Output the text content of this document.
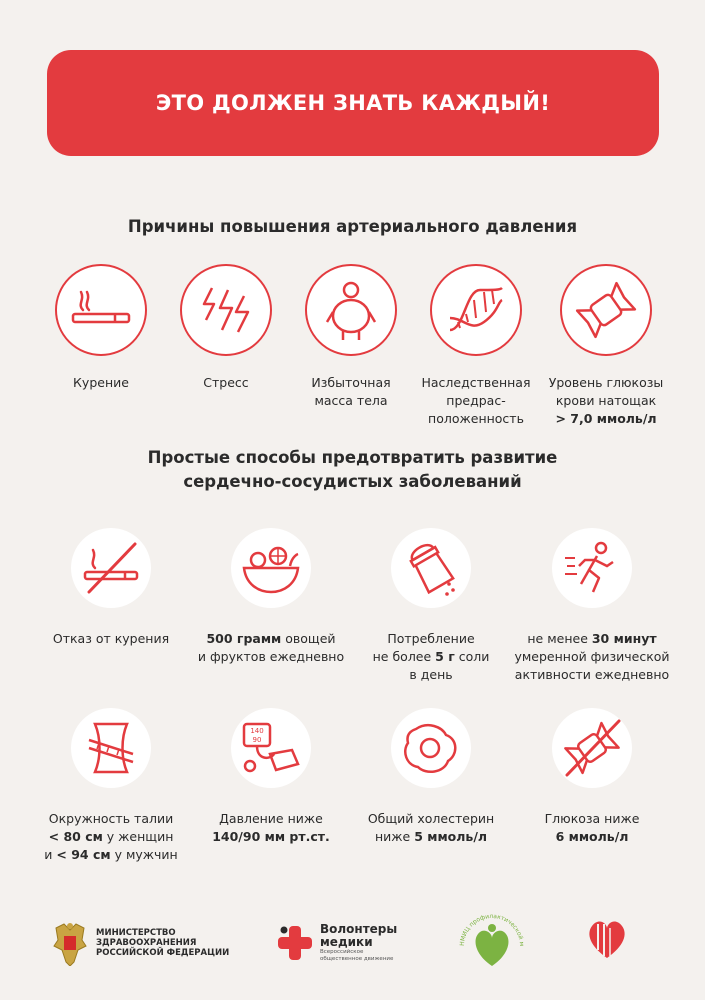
ЭТО ДОЛЖЕН ЗНАТЬ КАЖДЫЙ!
Причины повышения артериального давления
Курение	Стресс	Избыточная
масса тела
Наследственная
предрас-
положенность
Уровень глюкозы
крови натощак
> 7,0 ммоль/л
Простые способы предотвратить развитие
сердечно-сосудистых заболеваний
Отказ от курения	500 грамм овощей
и фруктов ежедневно
Потребление
не более 5 г соли
в день
не менее 30 минут
умеренной физической
активности ежедневно
Окружность талии
< 80 см у женщин
и < 94 см у мужчин
140
90
Давление ниже
140/90 мм рт.ст.
Общий холестерин
ниже 5 ммоль/л
Глюкоза ниже
6 ммоль/л
МИНИСТЕРСТВО
ЗДРАВООХРАНЕНИЯ
РОССИЙСКОЙ ФЕДЕРАЦИИ
Волонтеры
медики
Всероссийское
общественное движение
НМИЦ профилактической м
